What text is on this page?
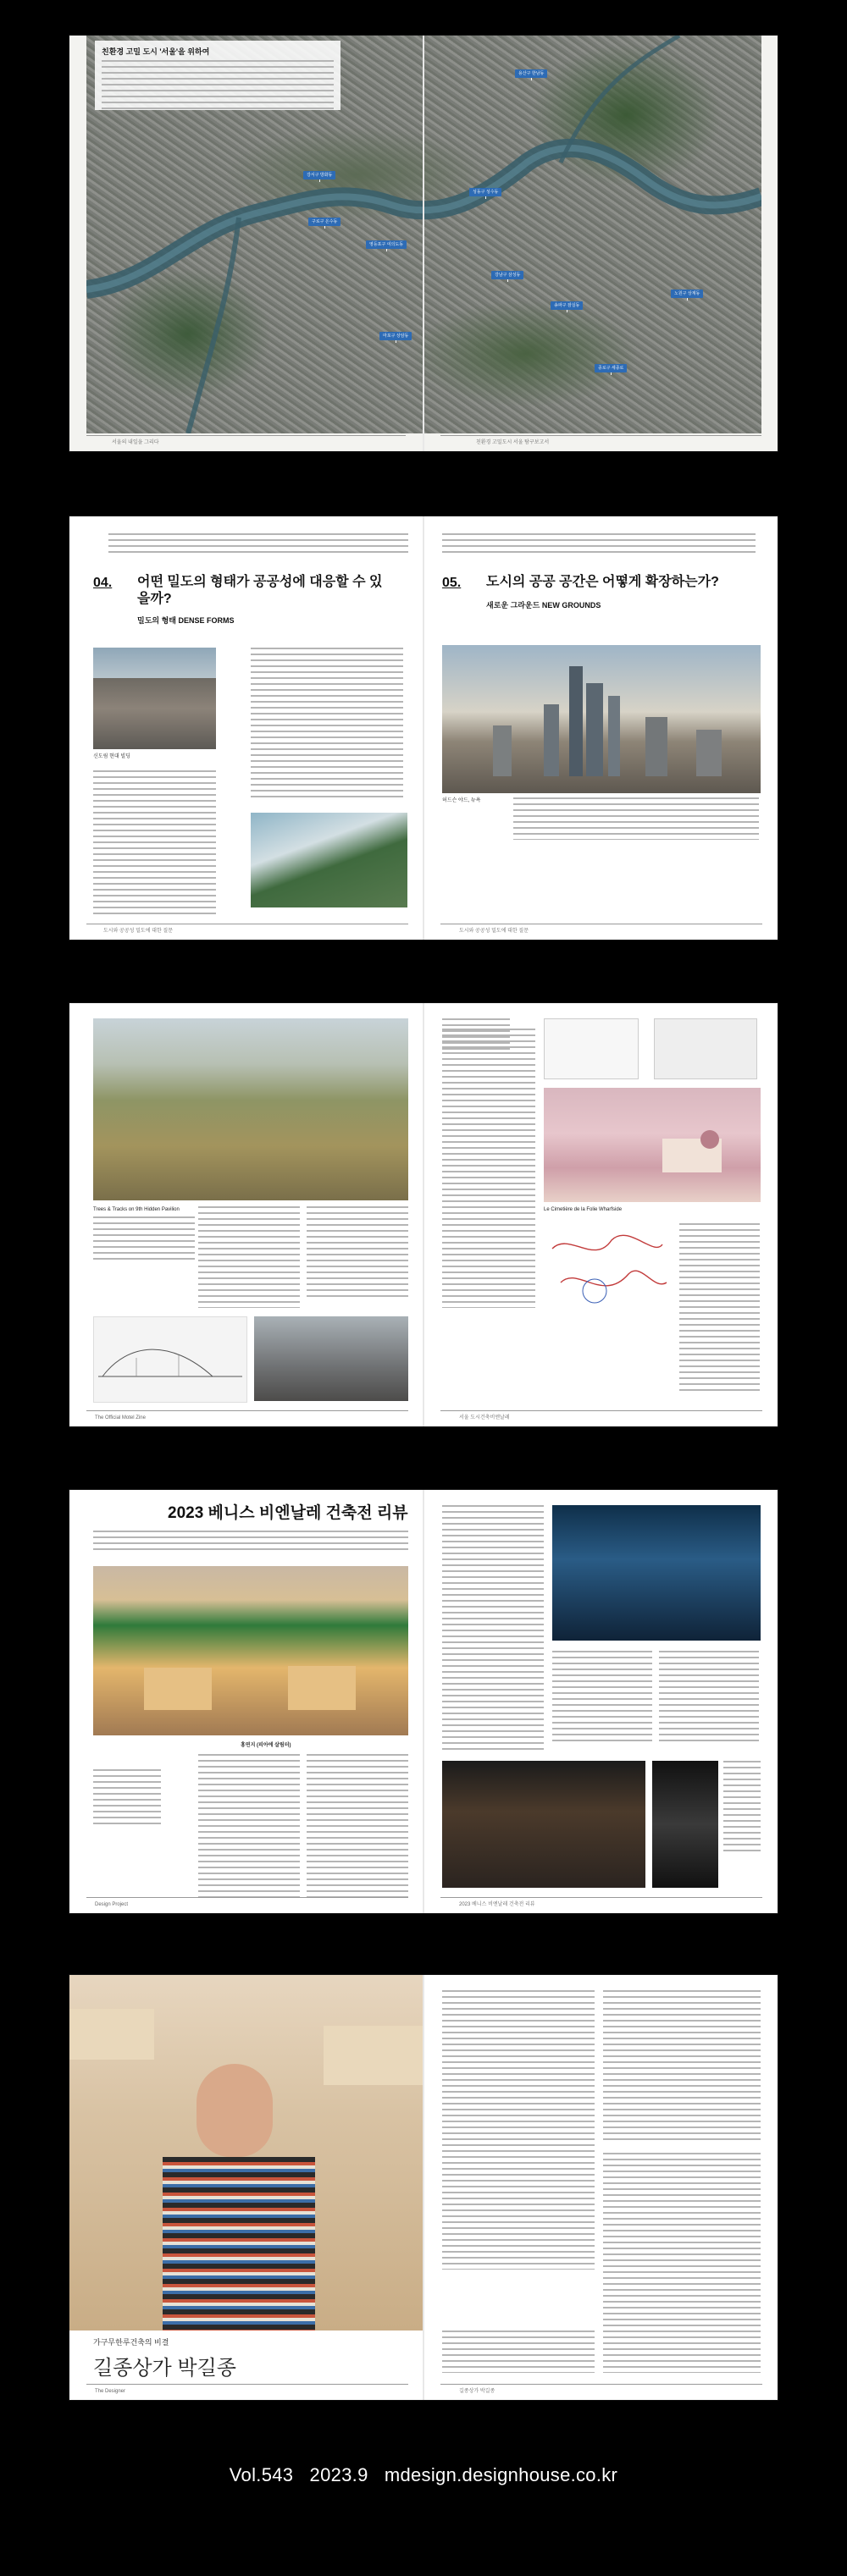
친환경 고밀 도시 '서울'을 위하여
강서구 방화동
구로구 온수동
영등포구 여의도동
용산구 한남동
성동구 성수동
강남구 삼성동
송파구 잠실동
노원구 상계동
마포구 상암동
종로구 세종로
서울의 내일을 그리다	친환경 고밀도시 서울 탐구보고서
04. 어떤 밀도의 형태가 공공성에 대응할 수 있을까?
밀도의 형태 DENSE FORMS
신도림 현대 빌딩
05. 도시의 공공 공간은 어떻게 확장하는가?
새로운 그라운드 NEW GROUNDS
허드슨 야드, 뉴욕
도시와 공공성 밀도에 대한 질문	도시와 공공성 밀도에 대한 질문
Trees & Tracks on 9th Hidden Pavilion	Le Cimetière de la Folie Wharfside
The Official Motel Zine	서울 도시건축비엔날레
2023 베니스 비엔날레 건축전 리뷰
홍연지 (피아에 살림터)
Design Project	2023 베니스 비엔날레 건축전 리뷰
가구무한루건축의 비결
길종상가 박길종
The Designer	길종상가 박길종
Vol.543   2023.9   mdesign.designhouse.co.kr
